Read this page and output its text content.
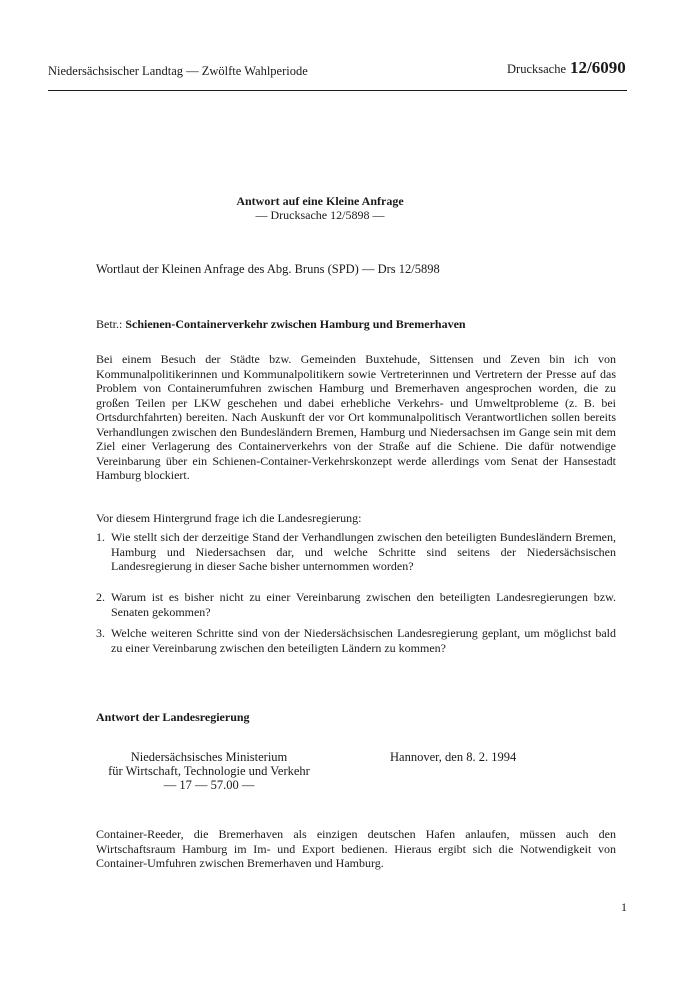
Niedersächsischer Landtag — Zwölfte Wahlperiode	Drucksache 12/6090
Antwort auf eine Kleine Anfrage
— Drucksache 12/5898 —
Wortlaut der Kleinen Anfrage des Abg. Bruns (SPD) — Drs 12/5898
Betr.: Schienen-Containerverkehr zwischen Hamburg und Bremerhaven
Bei einem Besuch der Städte bzw. Gemeinden Buxtehude, Sittensen und Zeven bin ich von Kommunalpolitikerinnen und Kommunalpolitikern sowie Vertreterinnen und Vertretern der Presse auf das Problem von Containerumfuhren zwischen Hamburg und Bremerhaven angesprochen worden, die zu großen Teilen per LKW geschehen und dabei erhebliche Verkehrs- und Umweltprobleme (z. B. bei Ortsdurchfahrten) bereiten. Nach Auskunft der vor Ort kommunalpolitisch Verantwortlichen sollen bereits Verhandlungen zwischen den Bundesländern Bremen, Hamburg und Niedersachsen im Gange sein mit dem Ziel einer Verlagerung des Containerverkehrs von der Straße auf die Schiene. Die dafür notwendige Vereinbarung über ein Schienen-Container-Verkehrskonzept werde allerdings vom Senat der Hansestadt Hamburg blockiert.
Vor diesem Hintergrund frage ich die Landesregierung:
1. Wie stellt sich der derzeitige Stand der Verhandlungen zwischen den beteiligten Bundesländern Bremen, Hamburg und Niedersachsen dar, und welche Schritte sind seitens der Niedersächsischen Landesregierung in dieser Sache bisher unternommen worden?
2. Warum ist es bisher nicht zu einer Vereinbarung zwischen den beteiligten Landesregierungen bzw. Senaten gekommen?
3. Welche weiteren Schritte sind von der Niedersächsischen Landesregierung geplant, um möglichst bald zu einer Vereinbarung zwischen den beteiligten Ländern zu kommen?
Antwort der Landesregierung
Niedersächsisches Ministerium
für Wirtschaft, Technologie und Verkehr
— 17 — 57.00 —
Hannover, den 8. 2. 1994
Container-Reeder, die Bremerhaven als einzigen deutschen Hafen anlaufen, müssen auch den Wirtschaftsraum Hamburg im Im- und Export bedienen. Hieraus ergibt sich die Notwendigkeit von Container-Umfuhren zwischen Bremerhaven und Hamburg.
1
